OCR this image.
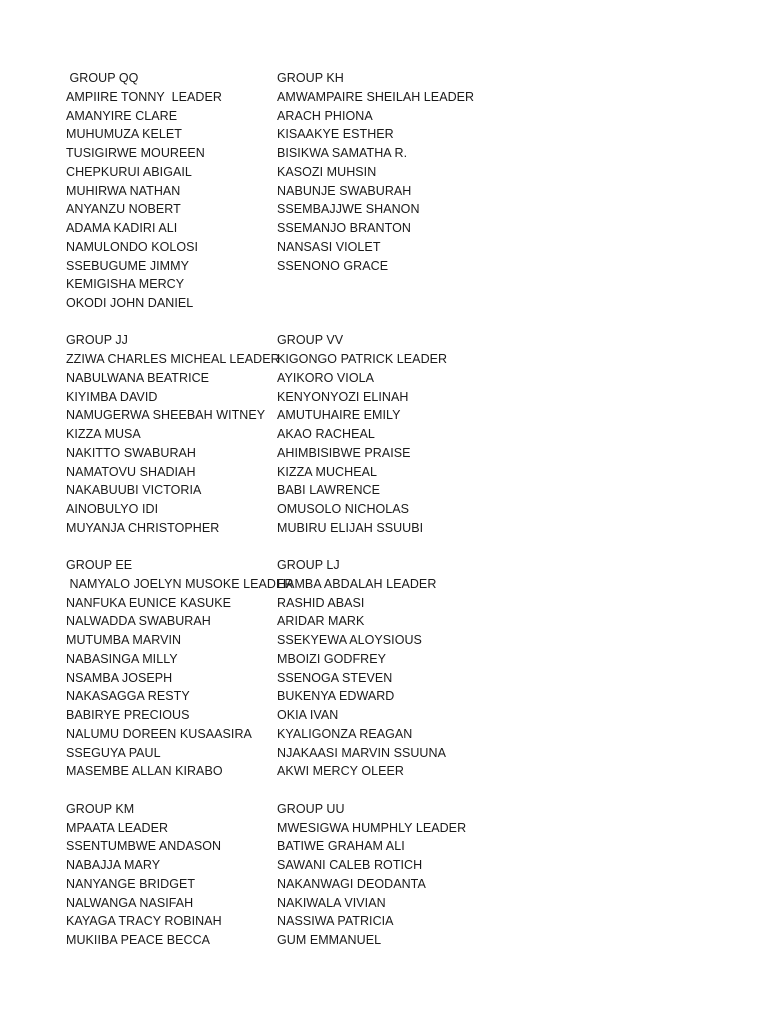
GROUP QQ
AMPIIRE TONNY  LEADER
AMANYIRE CLARE
MUHUMUZA KELET
TUSIGIRWE MOUREEN
CHEPKURUI ABIGAIL
MUHIRWA NATHAN
ANYANZU NOBERT
ADAMA KADIRI ALI
NAMULONDO KOLOSI
SSEBUGUME JIMMY
KEMIGISHA MERCY
OKODI JOHN DANIEL
GROUP JJ
ZZIWA CHARLES MICHEAL LEADER
NABULWANA BEATRICE
KIYIMBA DAVID
NAMUGERWA SHEEBAH WITNEY
KIZZA MUSA
NAKITTO SWABURAH
NAMATOVU SHADIAH
NAKABUUBI VICTORIA
AINOBULYO IDI
MUYANJA CHRISTOPHER
GROUP EE
NAMYALO JOELYN MUSOKE LEADER
NANFUKA EUNICE KASUKE
NALWADDA SWABURAH
MUTUMBA MARVIN
NABASINGA MILLY
NSAMBA JOSEPH
NAKASAGGA RESTY
BABIRYE PRECIOUS
NALUMU DOREEN KUSAASIRA
SSEGUYA PAUL
MASEMBE ALLAN KIRABO
GROUP KM
MPAATA LEADER
SSENTUMBWE ANDASON
NABAJJA MARY
NANYANGE BRIDGET
NALWANGA NASIFAH
KAYAGA TRACY ROBINAH
MUKIIBA PEACE BECCA
GROUP KH
AMWAMPAIRE SHEILAH LEADER
ARACH PHIONA
KISAAKYE ESTHER
BISIKWA SAMATHA R.
KASOZI MUHSIN
NABUNJE SWABURAH
SSEMBAJJWE SHANON
SSEMANJO BRANTON
NANSASI VIOLET
SSENONO GRACE
GROUP VV
KIGONGO PATRICK LEADER
AYIKORO VIOLA
KENYONYOZI ELINAH
AMUTUHAIRE EMILY
AKAO RACHEAL
AHIMBISIBWE PRAISE
KIZZA MUCHEAL
BABI LAWRENCE
OMUSOLO NICHOLAS
MUBIRU ELIJAH SSUUBI
GROUP LJ
HAMBA ABDALAH LEADER
RASHID ABASI
ARIDAR MARK
SSEKYEWA ALOYSIOUS
MBOIZI GODFREY
SSENOGA STEVEN
BUKENYA EDWARD
OKIA IVAN
KYALIGONZA REAGAN
NJAKAASI MARVIN SSUUNA
AKWI MERCY OLEER
GROUP UU
MWESIGWA HUMPHLY LEADER
BATIWE GRAHAM ALI
SAWANI CALEB ROTICH
NAKANWAGI DEODANTA
NAKIWALA VIVIAN
NASSIWA PATRICIA
GUM EMMANUEL
